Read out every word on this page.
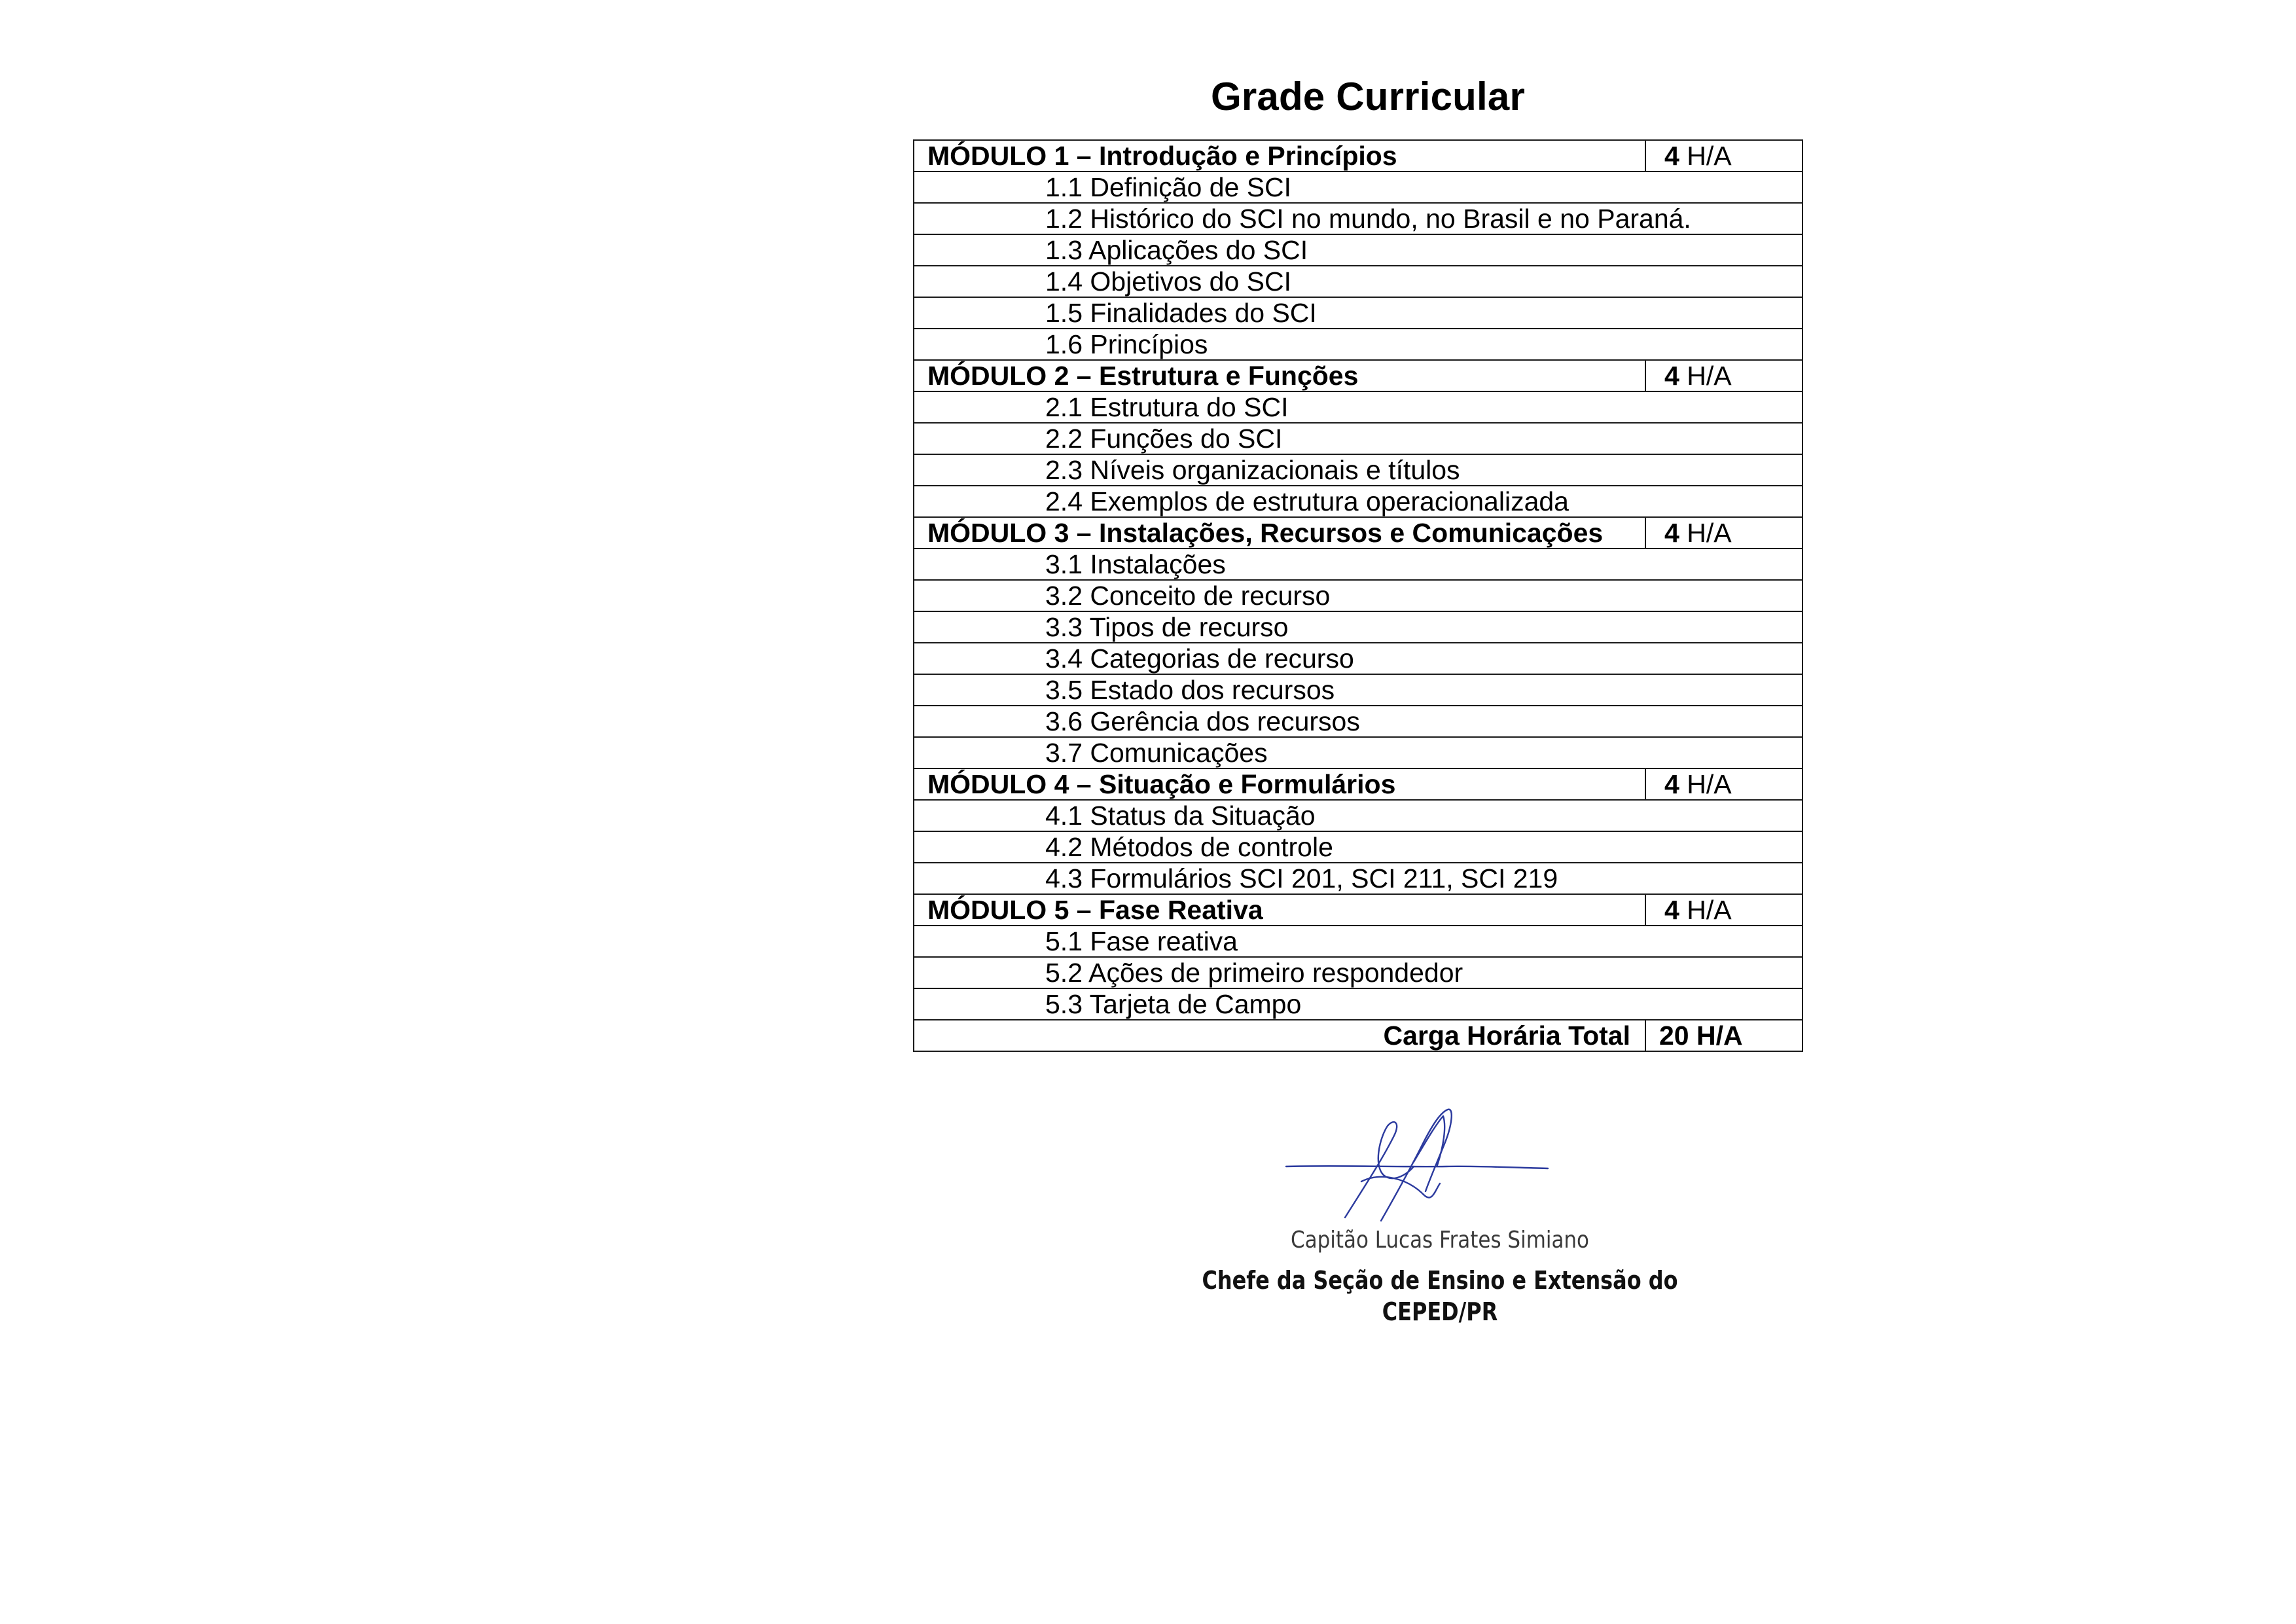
Grade Curricular
MÓDULO 1 – Introdução e Princípios	4 H/A
1.1 Definição de SCI	
1.2 Histórico do SCI no mundo, no Brasil e no Paraná.	
1.3 Aplicações do SCI	
1.4 Objetivos do SCI	
1.5 Finalidades do SCI	
1.6 Princípios	
MÓDULO 2 – Estrutura e Funções	4 H/A
2.1 Estrutura do SCI	
2.2 Funções do SCI	
2.3 Níveis organizacionais e títulos	
2.4 Exemplos de estrutura operacionalizada	
MÓDULO 3 – Instalações, Recursos e Comunicações	4 H/A
3.1 Instalações	
3.2 Conceito de recurso	
3.3 Tipos de recurso	
3.4 Categorias de recurso	
3.5 Estado dos recursos	
3.6 Gerência dos recursos	
3.7 Comunicações	
MÓDULO 4 – Situação e Formulários	4 H/A
4.1 Status da Situação	
4.2 Métodos de controle	
4.3 Formulários SCI 201, SCI 211, SCI 219	
MÓDULO 5 – Fase Reativa	4 H/A
5.1 Fase reativa	
5.2 Ações de primeiro respondedor	
5.3 Tarjeta de Campo	
Carga Horária Total	20 H/A
Capitão Lucas Frates Simiano
Chefe da Seção de Ensino e Extensão do CEPED/PR
